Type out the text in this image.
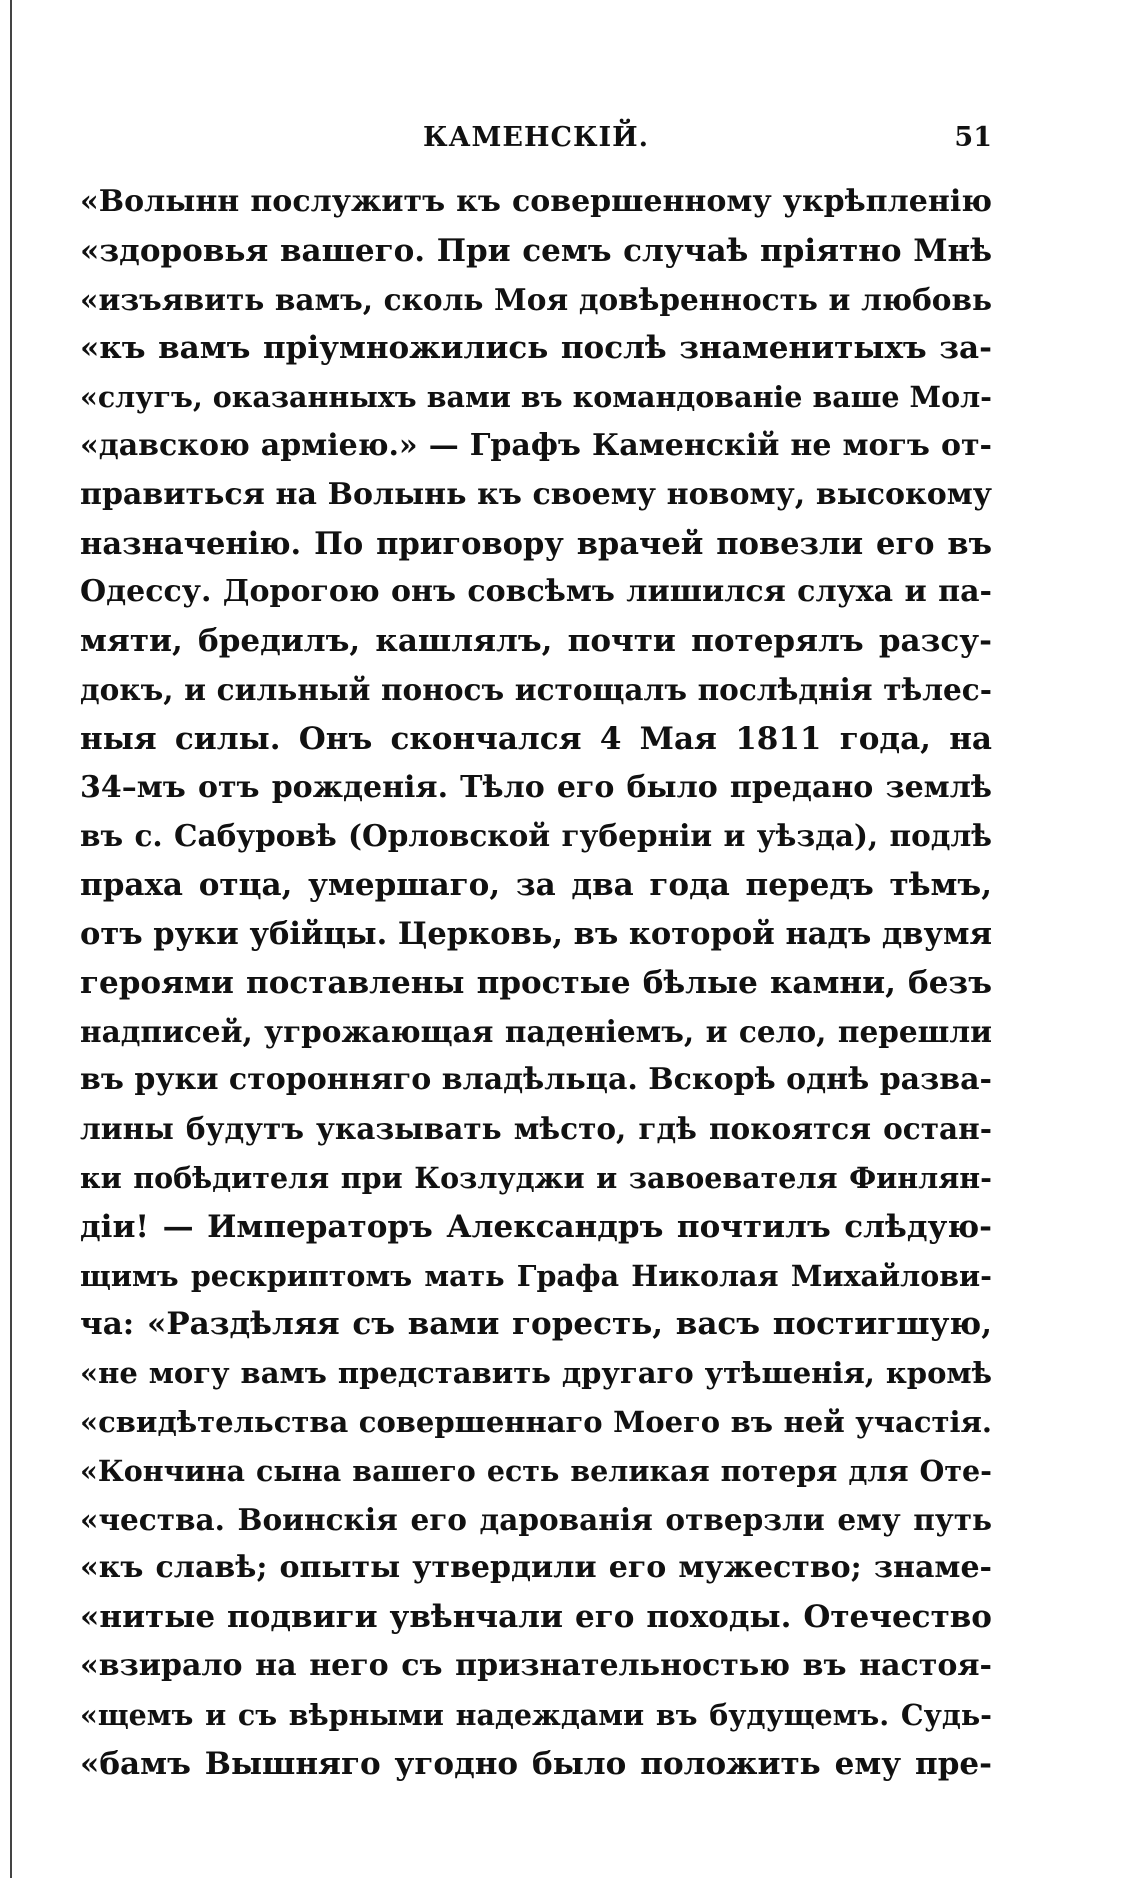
КАМЕНСКІЙ.	51
«Волынн послужитъ къ совершенному укрѣпленію
«здоровья вашего. При семъ случаѣ пріятно Мнѣ
«изъявить вамъ, сколь Моя довѣренность и любовь
«къ вамъ пріумножились послѣ знаменитыхъ за-
«слугъ, оказанныхъ вами въ командованіе ваше Мол-
«давскою арміею.» — Графъ Каменскій не могъ от-
правиться на Волынь къ своему новому, высокому
назначенію. По приговору врачей повезли его въ
Одессу. Дорогою онъ совсѣмъ лишился слуха и па-
мяти, бредилъ, кашлялъ, почти потерялъ разсу-
докъ, и сильный поносъ истощалъ послѣднія тѣлес-
ныя силы. Онъ скончался 4 Мая 1811 года, на
34–мъ отъ рожденія. Тѣло его было предано землѣ
въ с. Сабуровѣ (Орловской губерніи и уѣзда), подлѣ
праха отца, умершаго, за два года передъ тѣмъ,
отъ руки убійцы. Церковь, въ которой надъ двумя
героями поставлены простые бѣлые камни, безъ
надписей, угрожающая паденіемъ, и село, перешли
въ руки сторонняго владѣльца. Вскорѣ однѣ разва-
лины будутъ указывать мѣсто, гдѣ покоятся остан-
ки побѣдителя при Козлуджи и завоевателя Финлян-
діи! — Императоръ Александръ почтилъ слѣдую-
щимъ рескриптомъ мать Графа Николая Михайлови-
ча: «Раздѣляя съ вами горесть, васъ постигшую,
«не могу вамъ представить другаго утѣшенія, кромѣ
«свидѣтельства совершеннаго Моего въ ней участія.
«Кончина сына вашего есть великая потеря для Оте-
«чества. Воинскія его дарованія отверзли ему путь
«къ славѣ; опыты утвердили его мужество; знаме-
«нитые подвиги увѣнчали его походы. Отечество
«взирало на него съ признательностью въ настоя-
«щемъ и съ вѣрными надеждами въ будущемъ. Судь-
«бамъ Вышняго угодно было положить ему пре-
